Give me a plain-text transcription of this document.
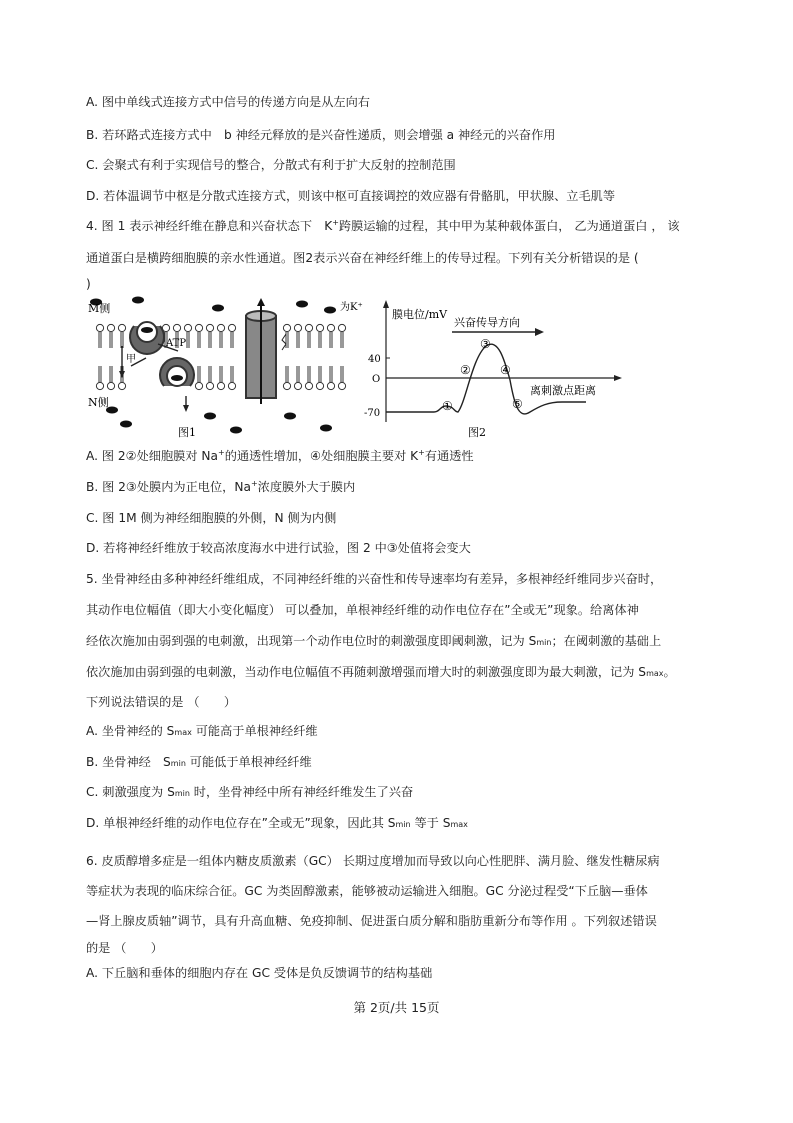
A. 图中单线式连接方式中信号的传递方向是从左向右
B. 若环路式连接方式中　b 神经元释放的是兴奋性递质，则会增强 a 神经元的兴奋作用
C. 会聚式有利于实现信号的整合，分散式有利于扩大反射的控制范围
D. 若体温调节中枢是分散式连接方式，则该中枢可直接调控的效应器有骨骼肌，甲状腺、立毛肌等
4. 图 1 表示神经纤维在静息和兴奋状态下　K+跨膜运输的过程，其中甲为某种载体蛋白， 乙为通道蛋白 ， 该
通道蛋白是横跨细胞膜的亲水性通道。图2表示兴奋在神经纤维上的传导过程。下列有关分析错误的是 (
)
M侧
N侧
为K⁺
ATP
甲
图1
膜电位/mV
兴奋传导方向
40
O
-70
离刺激点距离
①
②
③
④
⑤
图2
A. 图 2②处细胞膜对 Na+的通透性增加，④处细胞膜主要对 K+有通透性
B. 图 2③处膜内为正电位，Na+浓度膜外大于膜内
C. 图 1M 侧为神经细胞膜的外侧，N 侧为内侧
D. 若将神经纤维放于较高浓度海水中进行试验，图 2 中③处值将会变大
5. 坐骨神经由多种神经纤维组成，不同神经纤维的兴奋性和传导速率均有差异，多根神经纤维同步兴奋时，
其动作电位幅值（即大小变化幅度） 可以叠加，单根神经纤维的动作电位存在”全或无”现象。给离体神
经依次施加由弱到强的电刺激，出现第一个动作电位时的刺激强度即阈刺激，记为 Smin；在阈刺激的基础上
依次施加由弱到强的电刺激，当动作电位幅值不再随刺激增强而增大时的刺激强度即为最大刺激，记为 Smax。
下列说法错误的是 （　　）
A. 坐骨神经的 Smax 可能高于单根神经纤维
B. 坐骨神经　Smin 可能低于单根神经纤维
C. 刺激强度为 Smin 时，坐骨神经中所有神经纤维发生了兴奋
D. 单根神经纤维的动作电位存在”全或无”现象，因此其 Smin 等于 Smax
6. 皮质醇增多症是一组体内糖皮质激素（GC） 长期过度增加而导致以向心性肥胖、满月脸、继发性糖尿病
等症状为表现的临床综合征。GC 为类固醇激素，能够被动运输进入细胞。GC 分泌过程受“下丘脑—垂体
—肾上腺皮质轴”调节，具有升高血糖、免疫抑制、促进蛋白质分解和脂肪重新分布等作用 。下列叙述错误
的是 （　　）
A. 下丘脑和垂体的细胞内存在 GC 受体是负反馈调节的结构基础
第 2页/共 15页
